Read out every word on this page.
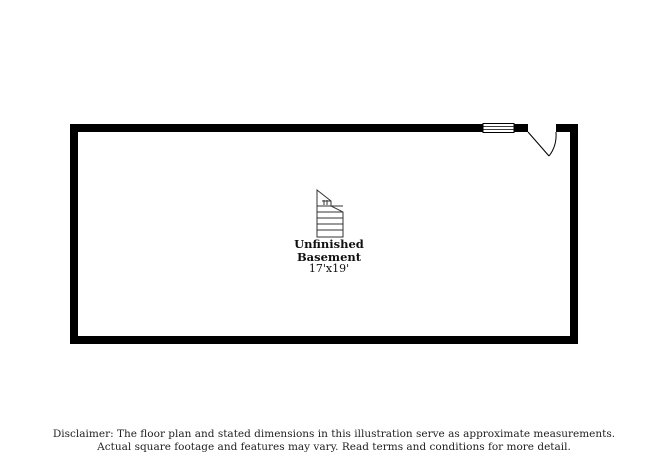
Unfinished
Basement
17'x19'
Disclaimer: The floor plan and stated dimensions in this illustration serve as approximate measurements.
Actual square footage and features may vary. Read terms and conditions for more detail.
